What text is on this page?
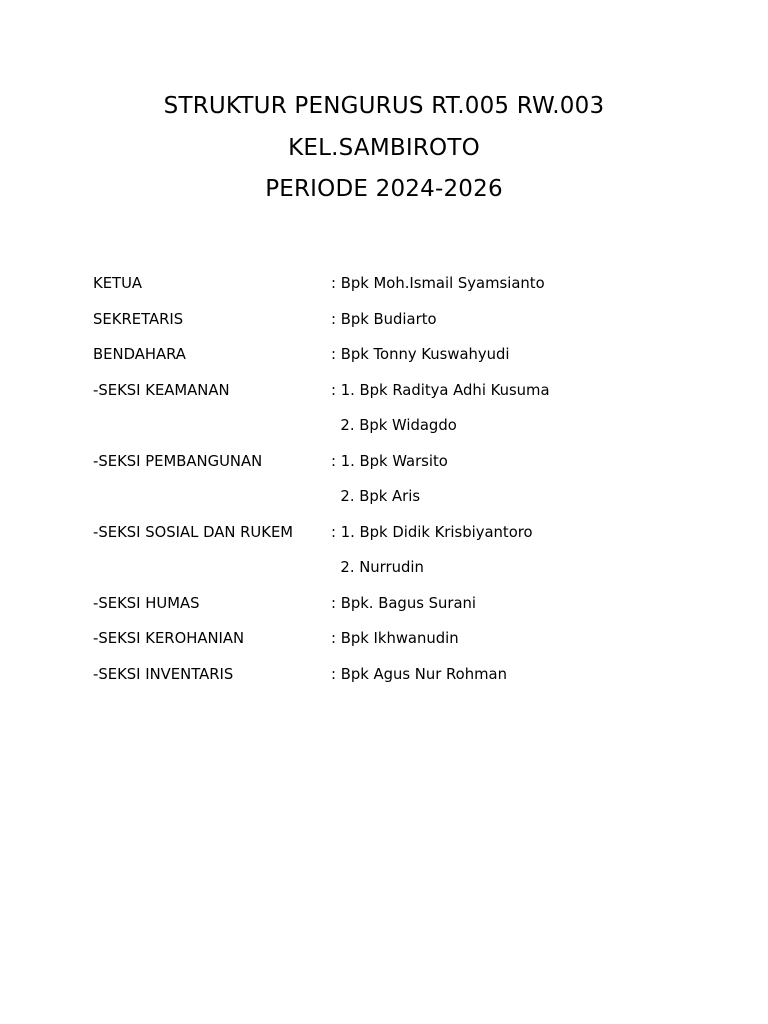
STRUKTUR PENGURUS RT.005 RW.003
KEL.SAMBIROTO
PERIODE 2024-2026
KETUA	: Bpk Moh.Ismail Syamsianto
SEKRETARIS	: Bpk Budiarto
BENDAHARA	: Bpk Tonny Kuswahyudi
-SEKSI KEAMANAN	: 1. Bpk Raditya Adhi Kusuma
2. Bpk Widagdo
-SEKSI PEMBANGUNAN	: 1. Bpk Warsito
2. Bpk Aris
-SEKSI SOSIAL DAN RUKEM	: 1. Bpk Didik Krisbiyantoro
2. Nurrudin
-SEKSI HUMAS	: Bpk. Bagus Surani
-SEKSI KEROHANIAN	: Bpk Ikhwanudin
-SEKSI INVENTARIS	: Bpk Agus Nur Rohman
